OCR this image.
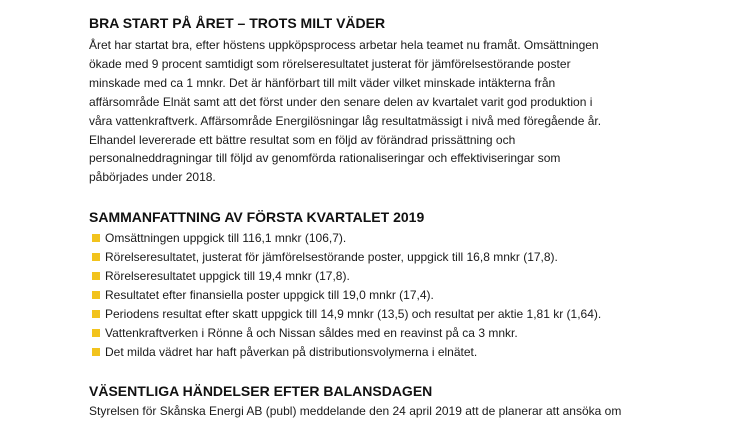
BRA START PÅ ÅRET – TROTS MILT VÄDER

Året har startat bra, efter höstens uppköpsprocess arbetar hela teamet nu framåt. Omsättningen
ökade med 9 procent samtidigt som rörelseresultatet justerat för jämförelsestörande poster
minskade med ca 1 mnkr. Det är hänförbart till milt väder vilket minskade intäkterna från
affärsområde Elnät samt att det först under den senare delen av kvartalet varit god produktion i
våra vattenkraftverk. Affärsområde Energilösningar låg resultatmässigt i nivå med föregående år.
Elhandel levererade ett bättre resultat som en följd av förändrad prissättning och
personalneddragningar till följd av genomförda rationaliseringar och effektiviseringar som
påbörjades under 2018.

SAMMANFATTNING AV FÖRSTA KVARTALET 2019
Omsättningen uppgick till 116,1 mnkr (106,7).
Rörelseresultatet, justerat för jämförelsestörande poster, uppgick till 16,8 mnkr (17,8).
Rörelseresultatet uppgick till 19,4 mnkr (17,8).
Resultatet efter finansiella poster uppgick till 19,0 mnkr (17,4).
Periodens resultat efter skatt uppgick till 14,9 mnkr (13,5) och resultat per aktie 1,81 kr (1,64).
Vattenkraftverken i Rönne å och Nissan såldes med en reavinst på ca 3 mnkr.
Det milda vädret har haft påverkan på distributionsvolymerna i elnätet.
VÄSENTLIGA HÄNDELSER EFTER BALANSDAGEN

Styrelsen för Skånska Energi AB (publ) meddelande den 24 april 2019 att de planerar att ansöka om
